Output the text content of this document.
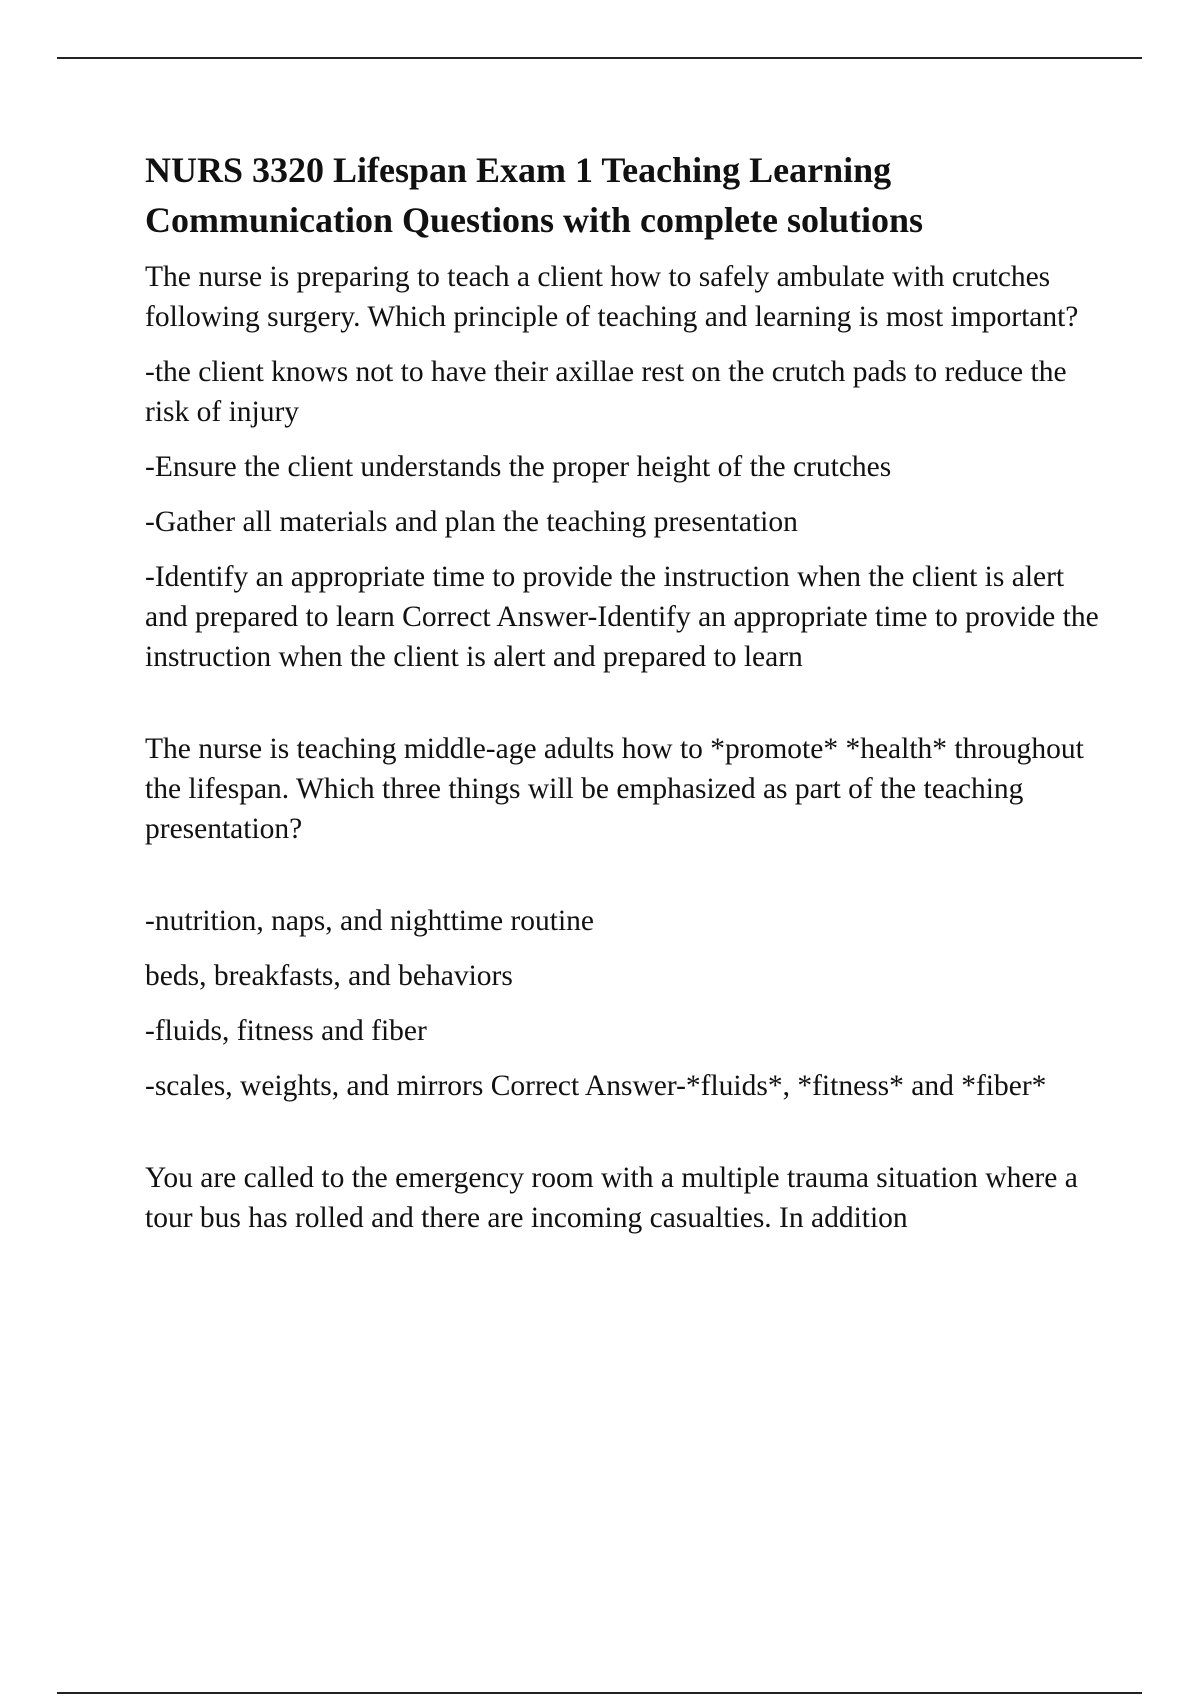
NURS 3320 Lifespan Exam 1 Teaching Learning Communication Questions with complete solutions

The nurse is preparing to teach a client how to safely ambulate with crutches following surgery. Which principle of teaching and learning is most important?

-the client knows not to have their axillae rest on the crutch pads to reduce the risk of injury

-Ensure the client understands the proper height of the crutches

-Gather all materials and plan the teaching presentation

-Identify an appropriate time to provide the instruction when the client is alert and prepared to learn Correct Answer-Identify an appropriate time to provide the instruction when the client is alert and prepared to learn

The nurse is teaching middle-age adults how to *promote* *health* throughout the lifespan. Which three things will be emphasized as part of the teaching presentation?

-nutrition, naps, and nighttime routine

beds, breakfasts, and behaviors

-fluids, fitness and fiber

-scales, weights, and mirrors Correct Answer-*fluids*, *fitness* and *fiber*

You are called to the emergency room with a multiple trauma situation where a tour bus has rolled and there are incoming casualties. In addition
